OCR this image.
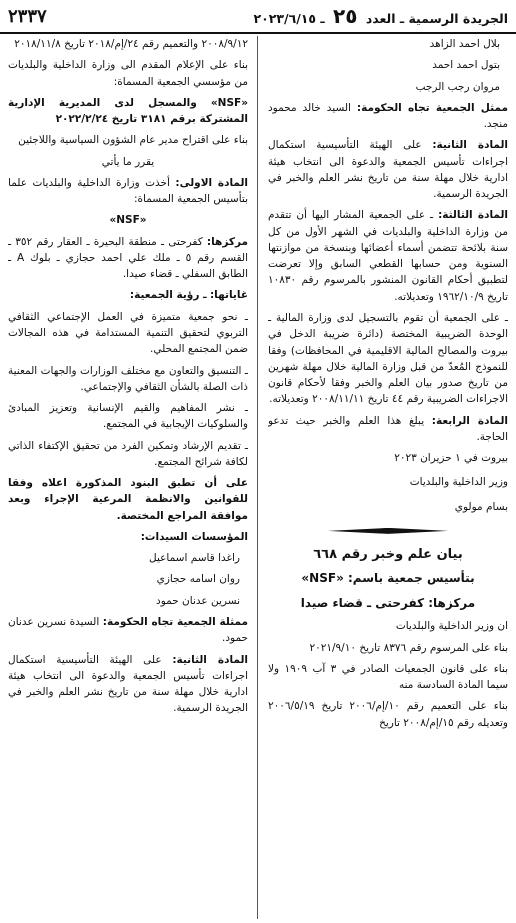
الجريدة الرسمية ـ العدد ٢٥ ـ ٢٠٢٣/٦/١٥
٢٣٣٧

بلال احمد الزاهد

بتول احمد احمد

مروان رجب الرجب

ممثل الجمعية تجاه الحكومة: السيد خالد محمود منجد.

المادة الثانية: على الهيئة التأسيسية استكمال اجراءات تأسيس الجمعية والدعوة الى انتخاب هيئة ادارية خلال مهلة سنة من تاريخ نشر العلم والخبر في الجريدة الرسمية.

المادة الثالثة: ـ على الجمعية المشار اليها أن تتقدم من وزارة الداخلية والبلديات في الشهر الأول من كل سنة بلائحة تتضمن أسماء أعضائها وبنسخة من موازنتها السنوية ومن حسابها القطعي السابق وإلا تعرضت لتطبيق أحكام القانون المنشور بالمرسوم رقم ١٠٨٣٠ تاريخ ١٩٦٢/١٠/٩ وتعديلاته.

ـ على الجمعية أن تقوم بالتسجيل لدى وزارة المالية ـ الوحدة الضريبية المختصة (دائرة ضريبة الدخل في بيروت والمصالح المالية الاقليمية في المحافظات) وفقا للنموذج المُعدّ من قبل وزارة المالية خلال مهلة شهرين من تاريخ صدور بيان العلم والخبر وفقا لأحكام قانون الاجراءات الضريبية رقم ٤٤ تاريخ ٢٠٠٨/١١/١١ وتعديلاته.

المادة الرابعة: يبلغ هذا العلم والخبر حيث تدعو الحاجة.

بيروت في ١ حزيران ٢٠٢٣

وزير الداخلية والبلديات

بسام مولوي

بيان علم وخبر رقم ٦٦٨

بتأسيس جمعية باسم: «NSF»

مركزها: كفرحتى ـ قضاء صيدا

ان وزير الداخلية والبلديات

بناء على المرسوم رقم ٨٣٧٦ تاريخ ٢٠٢١/٩/١٠

بناء على قانون الجمعيات الصادر في ٣ آب ١٩٠٩ ولا سيما المادة السادسة منه

بناء على التعميم رقم ١٠/إم/٢٠٠٦ تاريخ ٢٠٠٦/٥/١٩ وتعديله رقم ١٥/إم/٢٠٠٨ تاريخ

٢٠٠٨/٩/١٢ والتعميم رقم ٢٤/إم/٢٠١٨ تاريخ ٢٠١٨/١١/٨

بناء على الإعلام المقدم الى وزارة الداخلية والبلديات من مؤسسي الجمعية المسماة:

«NSF» والمسجل لدى المديرية الإدارية المشتركة برقم ٣١٨١ تاريخ ٢٠٢٢/٢/٢٤

بناء على اقتراح مدير عام الشؤون السياسية واللاجئين

يقرر ما يأتي

المادة الاولى: أخذت وزارة الداخلية والبلديات علما بتأسيس الجمعية المسماة:

«NSF»

مركزها: كفرحتى ـ منطقة البحيرة ـ العقار رقم ٣٥٢ ـ القسم رقم ٥ ـ ملك علي احمد حجازي ـ بلوك A ـ الطابق السفلي ـ قضاء صيدا.

غاياتها: ـ رؤية الجمعية:

ـ نحو جمعية متميزة في العمل الإجتماعي الثقافي التربوي لتحقيق التنمية المستدامة في هذه المجالات ضمن المجتمع المحلي.

ـ التنسيق والتعاون مع مختلف الوزارات والجهات المعنية ذات الصلة بالشأن الثقافي والإجتماعي.

ـ نشر المفاهيم والقيم الإنسانية وتعزيز المبادئ والسلوكيات الإيجابية في المجتمع.

ـ تقديم الإرشاد وتمكين الفرد من تحقيق الإكتفاء الذاتي لكافة شرائح المجتمع.

على أن تطبق البنود المذكورة اعلاه وفقا للقوانين والانظمة المرعية الإجراء وبعد موافقة المراجع المختصة.

المؤسسات السيدات:

راغدا قاسم اسماعيل

روان اسامه حجازي

نسرين عدنان حمود

ممثلة الجمعية تجاه الحكومة: السيدة نسرين عدنان حمود.

المادة الثانية: على الهيئة التأسيسية استكمال اجراءات تأسيس الجمعية والدعوة الى انتخاب هيئة ادارية خلال مهلة سنة من تاريخ نشر العلم والخبر في الجريدة الرسمية.
